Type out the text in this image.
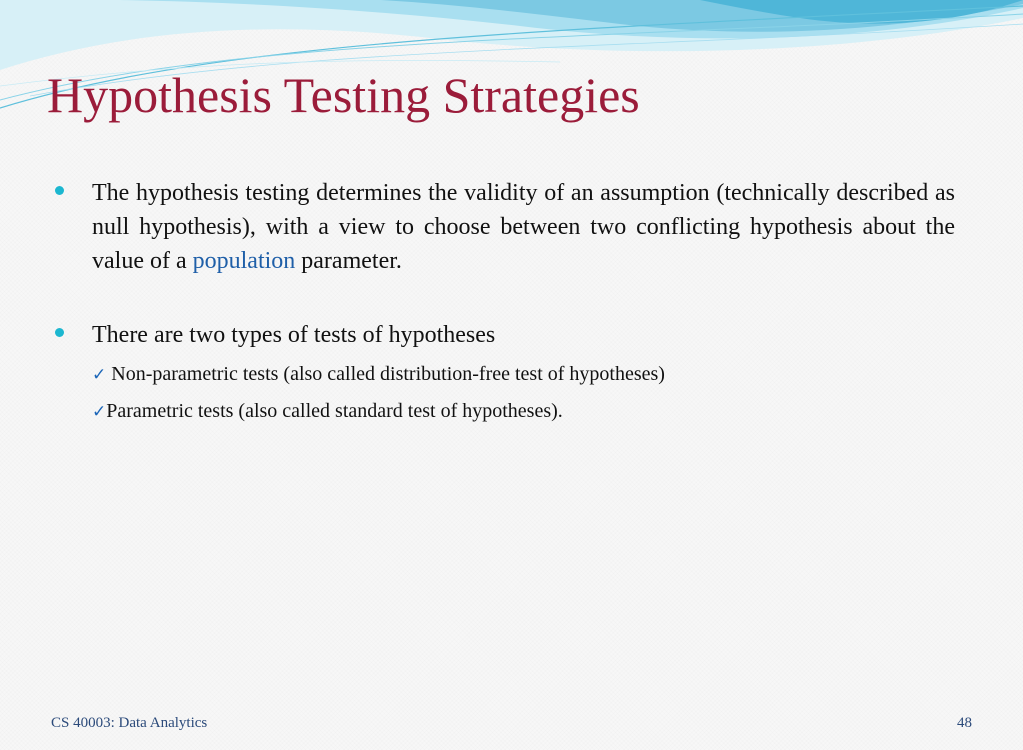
Hypothesis Testing Strategies
The hypothesis testing determines the validity of an assumption (technically described as null hypothesis), with a view to choose between two conflicting hypothesis about the value of a population parameter.
There are two types of tests of hypotheses
✓ Non-parametric tests (also called distribution-free test of hypotheses)
✓Parametric tests (also called standard test of hypotheses).
CS 40003: Data Analytics	48
